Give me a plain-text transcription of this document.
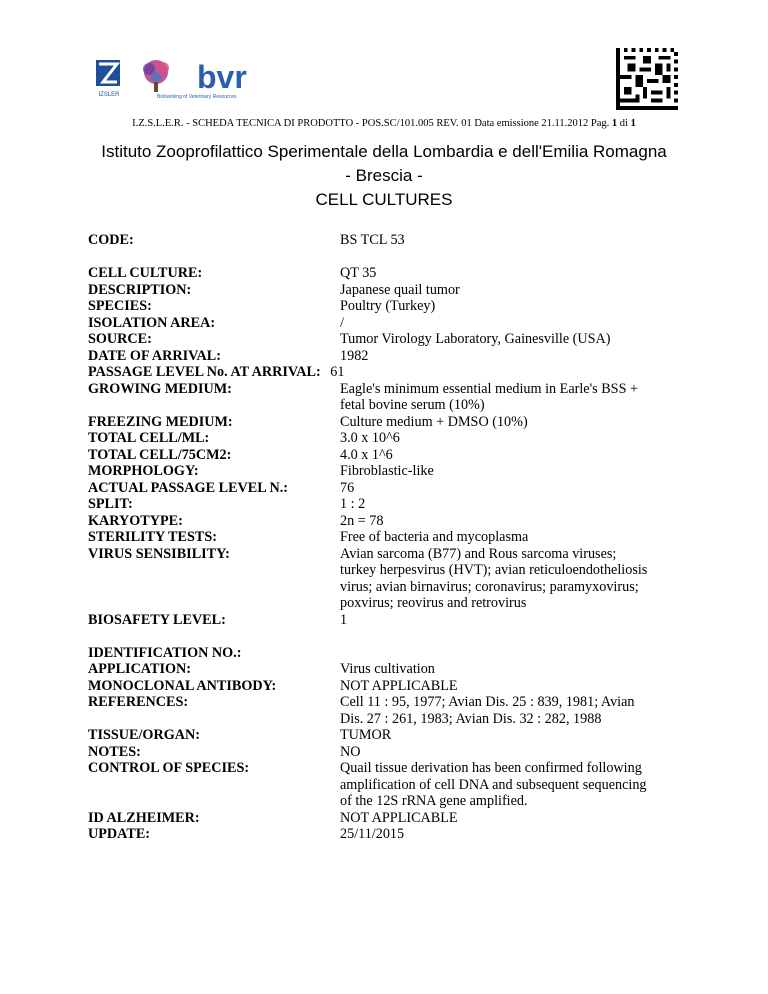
IZSLER bvr
Biobanking of Veterinary Resources
I.Z.S.L.E.R. - SCHEDA TECNICA DI PRODOTTO - POS.SC/101.005 REV. 01 Data emissione 21.11.2012 Pag. 1 di 1
Istituto Zooprofilattico Sperimentale della Lombardia e dell'Emilia Romagna
- Brescia -
CELL CULTURES
CODE:	BS TCL 53
CELL CULTURE:	QT 35
DESCRIPTION:	Japanese quail tumor
SPECIES:	Poultry (Turkey)
ISOLATION AREA:	/
SOURCE:	Tumor Virology Laboratory, Gainesville (USA)
DATE OF ARRIVAL:	1982
PASSAGE LEVEL No. AT ARRIVAL: 61
GROWING MEDIUM:	Eagle's minimum essential medium in Earle's BSS +
fetal bovine serum (10%)
FREEZING MEDIUM:	Culture medium + DMSO (10%)
TOTAL CELL/ML:	3.0 x 10^6
TOTAL CELL/75CM2:	4.0 x 1^6
MORPHOLOGY:	Fibroblastic-like
ACTUAL PASSAGE LEVEL N.:	76
SPLIT:	1 : 2
KARYOTYPE:	2n = 78
STERILITY TESTS:	Free of bacteria and mycoplasma
VIRUS SENSIBILITY:	Avian sarcoma (B77) and Rous sarcoma viruses;
turkey herpesvirus (HVT); avian reticuloendotheliosis
virus; avian birnavirus; coronavirus; paramyxovirus;
poxvirus; reovirus and retrovirus
BIOSAFETY LEVEL:	1
IDENTIFICATION NO.:
APPLICATION:	Virus cultivation
MONOCLONAL ANTIBODY:	NOT APPLICABLE
REFERENCES:	Cell 11 : 95, 1977; Avian Dis. 25 : 839, 1981; Avian
Dis. 27 : 261, 1983; Avian Dis. 32 : 282, 1988
TISSUE/ORGAN:	TUMOR
NOTES:	NO
CONTROL OF SPECIES:	Quail tissue derivation has been confirmed following
amplification of cell DNA and subsequent sequencing
of the 12S rRNA gene amplified.
ID ALZHEIMER:	NOT APPLICABLE
UPDATE:	25/11/2015
